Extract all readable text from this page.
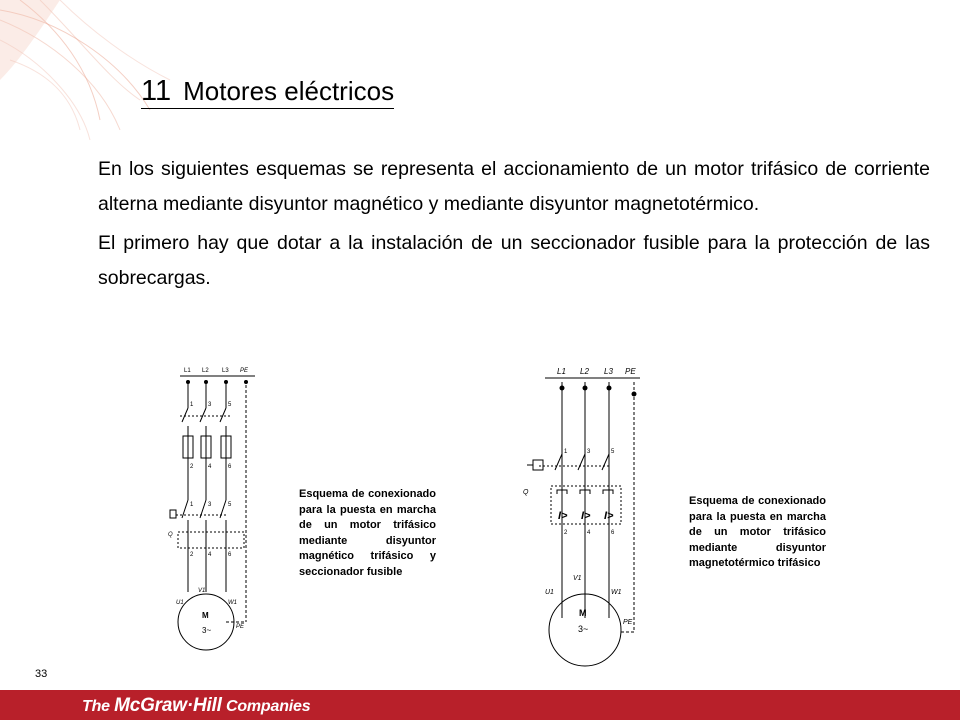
11 Motores eléctricos

En los siguientes esquemas se representa el accionamiento de un motor trifásico de corriente alterna mediante disyuntor magnético y mediante disyuntor magnetotérmico.

El primero hay que dotar a la instalación de un seccionador fusible para la protección de las sobrecargas.

L1 L2 L3 PE
1 3	5
2 4	6
1 3	5
Q
2 4	6
U1
V1
W1
PE
M
3~
Esquema de conexionado para la puesta en marcha de un motor trifásico mediante disyuntor magnético trifásico y seccionador fusible
L1 L2 L3 PE
1	3	5
Q
2	4	6
U1
V1
W1
PE
M
3~
I> I> I>
Esquema de conexionado para la puesta en marcha de un motor trifásico mediante disyuntor magnetotérmico trifásico
33
The McGraw·Hill Companies
